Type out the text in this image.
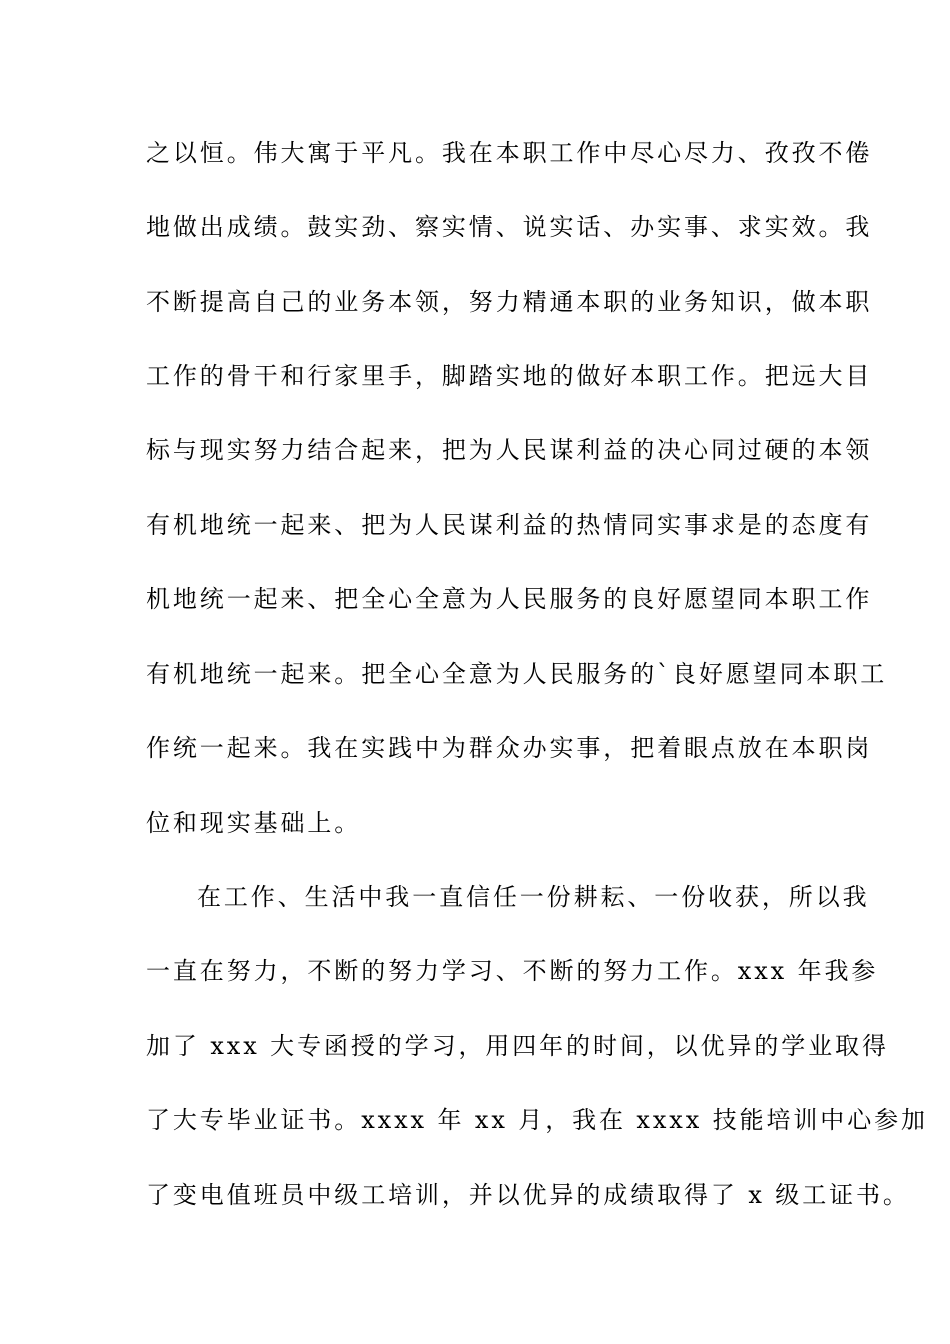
之以恒。伟大寓于平凡。我在本职工作中尽心尽力、孜孜不倦
地做出成绩。鼓实劲、察实情、说实话、办实事、求实效。我
不断提高自己的业务本领，努力精通本职的业务知识，做本职
工作的骨干和行家里手，脚踏实地的做好本职工作。把远大目
标与现实努力结合起来，把为人民谋利益的决心同过硬的本领
有机地统一起来、把为人民谋利益的热情同实事求是的态度有
机地统一起来、把全心全意为人民服务的良好愿望同本职工作
有机地统一起来。把全心全意为人民服务的`良好愿望同本职工
作统一起来。我在实践中为群众办实事，把着眼点放在本职岗
位和现实基础上。
在工作、生活中我一直信任一份耕耘、一份收获，所以我
一直在努力，不断的努力学习、不断的努力工作。xxx 年我参
加了 xxx 大专函授的学习，用四年的时间，以优异的学业取得
了大专毕业证书。xxxx 年 xx 月，我在 xxxx 技能培训中心参加
了变电值班员中级工培训，并以优异的成绩取得了 x 级工证书。
